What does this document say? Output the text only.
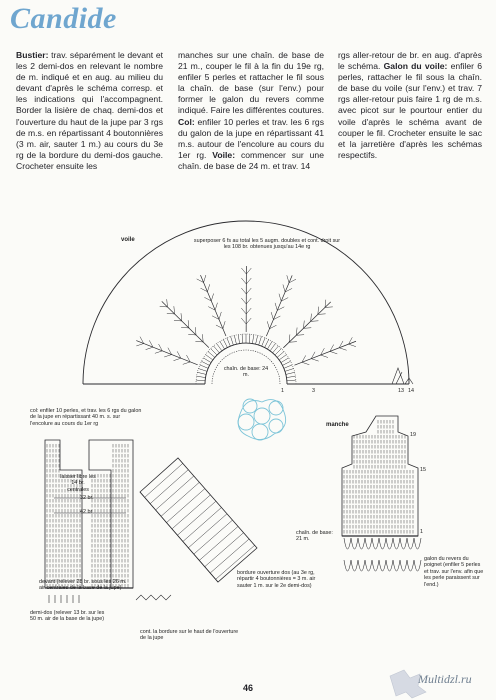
Candide
Bustier: trav. séparément le devant et les 2 demi-dos en relevant le nombre de m. indiqué et en aug. au milieu du devant d'après le schéma corresp. et les indications qui l'accompagnent. Border la lisière de chaq. demi-dos et l'ouverture du haut de la jupe par 3 rgs de m.s. en répartissant 4 boutonnières (3 m. air, sauter 1 m.) au cours du 3e rg de la bordure du demi-dos gauche. Crocheter ensuite les
manches sur une chaîn. de base de 21 m., couper le fil à la fin du 19e rg, enfiler 5 perles et rattacher le fil sous la chaîn. de base (sur l'env.) pour former le galon du revers comme indiqué. Faire les différentes coutures. Col: enfiler 10 perles et trav. les 6 rgs du galon de la jupe en répartissant 41 m.s. autour de l'encolure au cours du 1er rg. Voile: commencer sur une chaîn. de base de 24 m. et trav. 14
rgs aller-retour de br. en aug. d'après le schéma. Galon du voile: enfiler 6 perles, rattacher le fil sous la chaîn. de base du voile (sur l'env.) et trav. 7 rgs aller-retour puis faire 1 rg de m.s. avec picot sur le pourtour entier du voile d'après le schéma avant de couper le fil. Crocheter ensuite le sac et la jarretière d'après les schémas respectifs.
voile	superposer 6 fs au total les 5 augm. doubles et cont. droit sur les 108 br. obtenues jusqu'au 14e rg
chaîn. de base: 24 m.
1	3	13 14
col: enfiler 10 perles, et trav. les 6 rgs du galon de la jupe en répartissant 40 m. s. sur l'encolure au cours du 1er rg
laisser libre les 14 br. centrales
32 br.
42 br
devant (relever 28 br. sous les 26 m. air centrales de la base de la jupe)
demi-dos (relever 13 br. sur les 50 m. air de la base de la jupe)
bordure ouverture dos (au 3e rg, répartir 4 boutonnières = 3 m. air sauter 1 m. sur le 2e demi-dos)
cont. la bordure sur le haut de l'ouverture de la jupe
manche
19
15
1
chaîn. de base: 21 m.
galon du revers du poignet (enfiler 5 perles et trav. sur l'env. afin que les perle paraissent sur l'end.)
46
Multidzl.ru
